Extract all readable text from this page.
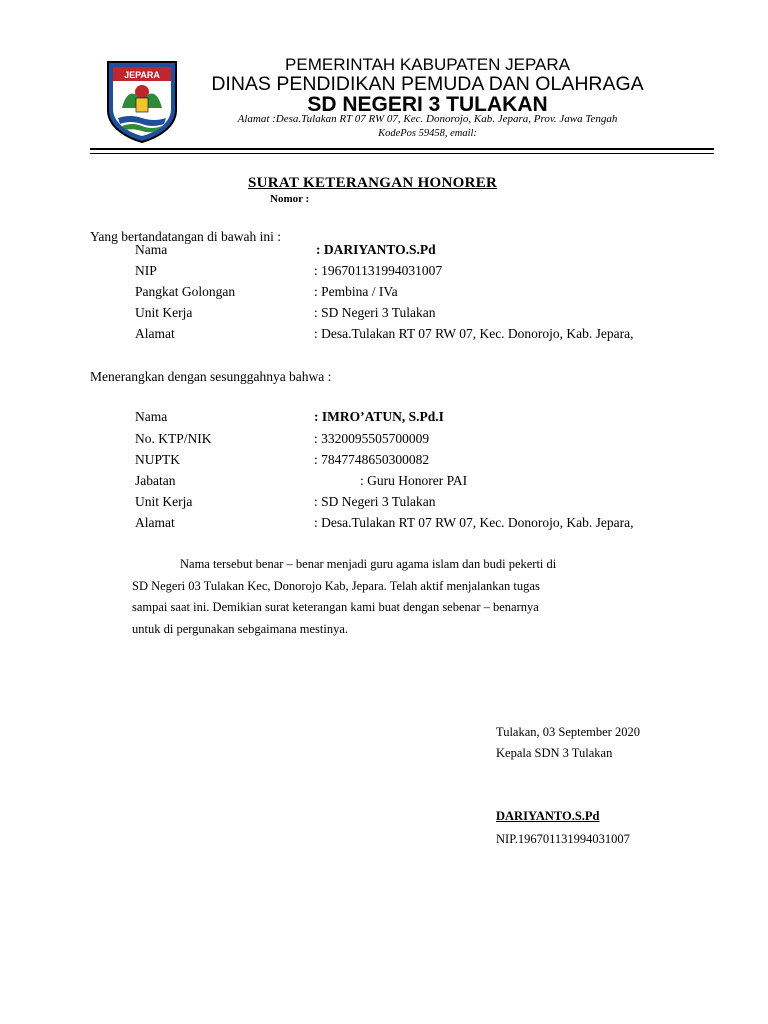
JEPARA
PEMERINTAH KABUPATEN JEPARA
DINAS PENDIDIKAN PEMUDA DAN OLAHRAGA
SD NEGERI 3 TULAKAN
Alamat :Desa.Tulakan RT 07 RW 07, Kec. Donorojo, Kab. Jepara, Prov. Jawa Tengah
KodePos 59458, email:
SURAT KETERANGAN HONORER
Nomor :
Yang bertandatangan di bawah ini :
Nama	: DARIYANTO.S.Pd
NIP	: 196701131994031007
Pangkat Golongan	: Pembina / IVa
Unit Kerja	: SD Negeri 3 Tulakan
Alamat	: Desa.Tulakan RT 07 RW 07, Kec. Donorojo, Kab. Jepara,
Menerangkan dengan sesunggahnya bahwa :
Nama	: IMRO’ATUN, S.Pd.I
No. KTP/NIK	: 3320095505700009
NUPTK	: 7847748650300082
Jabatan	: Guru Honorer PAI
Unit Kerja	: SD Negeri 3 Tulakan
Alamat	: Desa.Tulakan RT 07 RW 07, Kec. Donorojo, Kab. Jepara,
Nama tersebut benar – benar menjadi guru agama islam dan budi pekerti di
SD Negeri 03 Tulakan Kec, Donorojo Kab, Jepara. Telah aktif menjalankan tugas
sampai saat ini. Demikian surat keterangan kami buat dengan sebenar – benarnya
untuk di pergunakan sebgaimana mestinya.
Tulakan, 03 September 2020
Kepala SDN 3 Tulakan
DARIYANTO.S.Pd
NIP.196701131994031007
